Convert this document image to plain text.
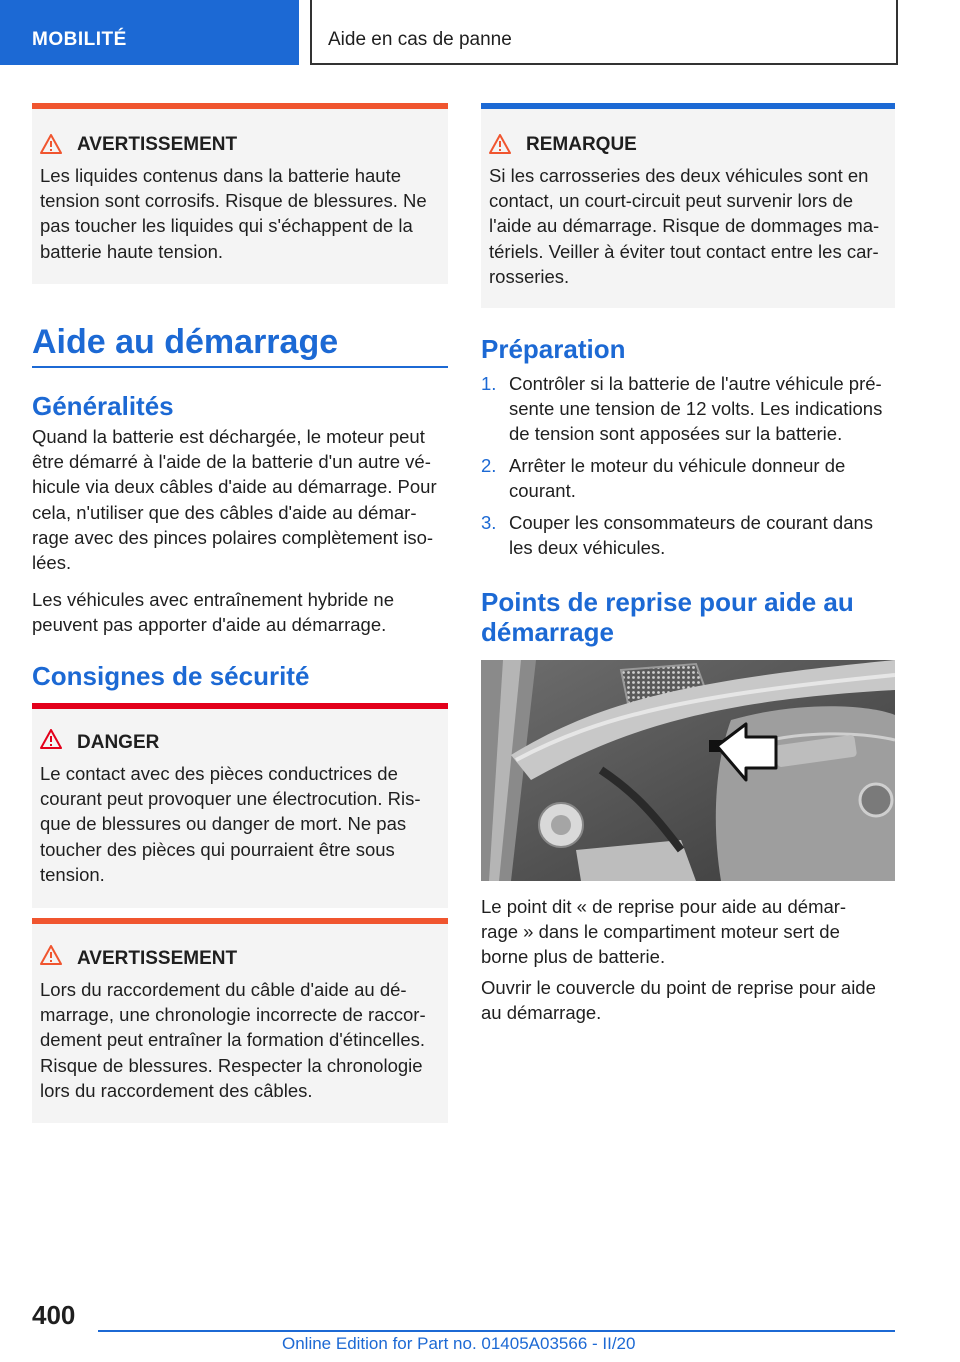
MOBILITÉ	Aide en cas de panne
AVERTISSEMENT

Les liquides contenus dans la batterie haute
tension sont corrosifs. Risque de blessures. Ne
pas toucher les liquides qui s'échappent de la
batterie haute tension.

Aide au démarrage
Généralités

Quand la batterie est déchargée, le moteur peut
être démarré à l'aide de la batterie d'un autre vé-
hicule via deux câbles d'aide au démarrage. Pour
cela, n'utiliser que des câbles d'aide au démar-
rage avec des pinces polaires complètement iso-
lées.

Les véhicules avec entraînement hybride ne
peuvent pas apporter d'aide au démarrage.

Consignes de sécurité
DANGER

Le contact avec des pièces conductrices de
courant peut provoquer une électrocution. Ris-
que de blessures ou danger de mort. Ne pas
toucher des pièces qui pourraient être sous
tension.

AVERTISSEMENT

Lors du raccordement du câble d'aide au dé-
marrage, une chronologie incorrecte de raccor-
dement peut entraîner la formation d'étincelles.
Risque de blessures. Respecter la chronologie
lors du raccordement des câbles.

REMARQUE

Si les carrosseries des deux véhicules sont en
contact, un court-circuit peut survenir lors de
l'aide au démarrage. Risque de dommages ma-
tériels. Veiller à éviter tout contact entre les car-
rosseries.

Préparation
1. Contrôler si la batterie de l'autre véhicule pré-
sente une tension de 12 volts. Les indications
de tension sont apposées sur la batterie.
2. Arrêter le moteur du véhicule donneur de
courant.
3. Couper les consommateurs de courant dans
les deux véhicules.
Points de reprise pour aide au
démarrage

Le point dit « de reprise pour aide au démar-
rage » dans le compartiment moteur sert de
borne plus de batterie.

Ouvrir le couvercle du point de reprise pour aide
au démarrage.

400
Online Edition for Part no. 01405A03566 - II/20
